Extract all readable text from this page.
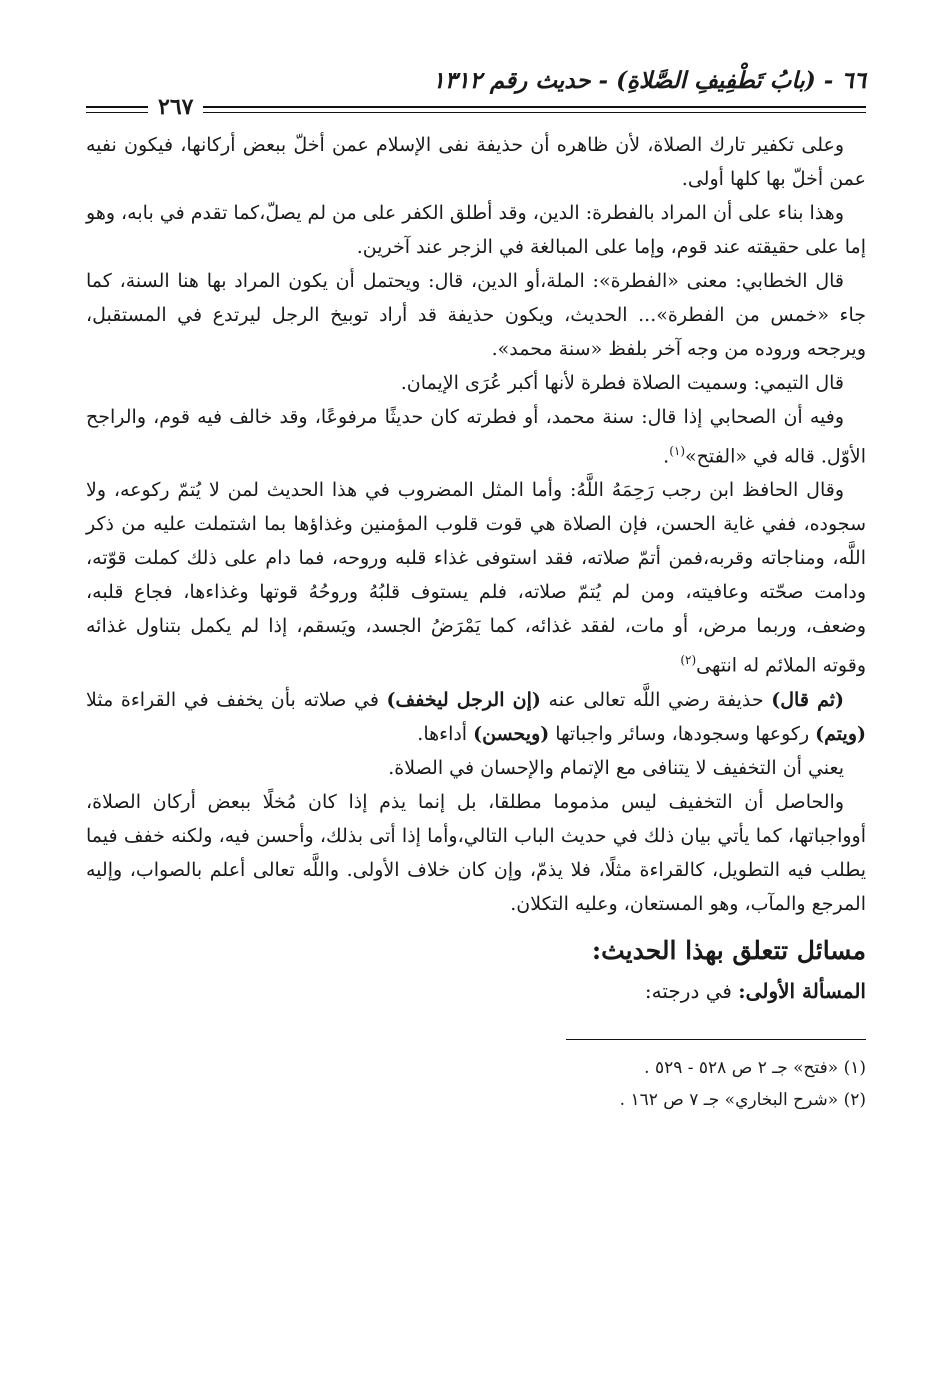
٦٦ - (بابُ تَطْفِيفِ الصَّلاةِ) - حديث رقم ١٣١٢
٢٦٧

وعلى تكفير تارك الصلاة، لأن ظاهره أن حذيفة نفى الإسلام عمن أخلّ ببعض أركانها، فيكون نفيه عمن أخلّ بها كلها أولى.

وهذا بناء على أن المراد بالفطرة: الدين، وقد أطلق الكفر على من لم يصلّ،كما تقدم في بابه، وهو إما على حقيقته عند قوم، وإما على المبالغة في الزجر عند آخرين.

قال الخطابي: معنى «الفطرة»: الملة،أو الدين، قال: ويحتمل أن يكون المراد بها هنا السنة، كما جاء «خمس من الفطرة»... الحديث، ويكون حذيفة قد أراد توبيخ الرجل ليرتدع في المستقبل، ويرجحه وروده من وجه آخر بلفظ «سنة محمد».

قال التيمي: وسميت الصلاة فطرة لأنها أكبر عُرَى الإيمان.

وفيه أن الصحابي إذا قال: سنة محمد، أو فطرته كان حديثًا مرفوعًا، وقد خالف فيه قوم، والراجح الأوّل. قاله في «الفتح»$^{(١)}$.

وقال الحافظ ابن رجب رَحِمَهُ اللَّهُ: وأما المثل المضروب في هذا الحديث لمن لا يُتمّ ركوعه، ولا سجوده، ففي غاية الحسن، فإن الصلاة هي قوت قلوب المؤمنين وغذاؤها بما اشتملت عليه من ذكر اللَّه، ومناجاته وقربه،فمن أتمّ صلاته، فقد استوفى غذاء قلبه وروحه، فما دام على ذلك كملت قوّته، ودامت صحّته وعافيته، ومن لم يُتمّ صلاته، فلم يستوف قلبُهُ وروحُهُ قوتها وغذاءها، فجاع قلبه، وضعف، وربما مرض، أو مات، لفقد غذائه، كما يَمْرَضُ الجسد، ويَسقم، إذا لم يكمل بتناول غذائه وقوته الملائم له انتهى$^{(٢)}$

(ثم قال) حذيفة رضي اللَّه تعالى عنه (إن الرجل ليخفف) في صلاته بأن يخفف في القراءة مثلا (ويتم) ركوعها وسجودها، وسائر واجباتها (ويحسن) أداءها.

يعني أن التخفيف لا يتنافى مع الإتمام والإحسان في الصلاة.

والحاصل أن التخفيف ليس مذموما مطلقا، بل إنما يذم إذا كان مُخلًا ببعض أركان الصلاة، أوواجباتها، كما يأتي بيان ذلك في حديث الباب التالي،وأما إذا أتى بذلك، وأحسن فيه، ولكنه خفف فيما يطلب فيه التطويل، كالقراءة مثلًا، فلا يذمّ، وإن كان خلاف الأولى. واللَّه تعالى أعلم بالصواب، وإليه المرجع والمآب، وهو المستعان، وعليه التكلان.

مسائل تتعلق بهذا الحديث:
المسألة الأولى: في درجته:

(١) «فتح» جـ ٢ ص ٥٢٨ - ٥٢٩ .

(٢) «شرح البخاري» جـ ٧ ص ١٦٢ .
